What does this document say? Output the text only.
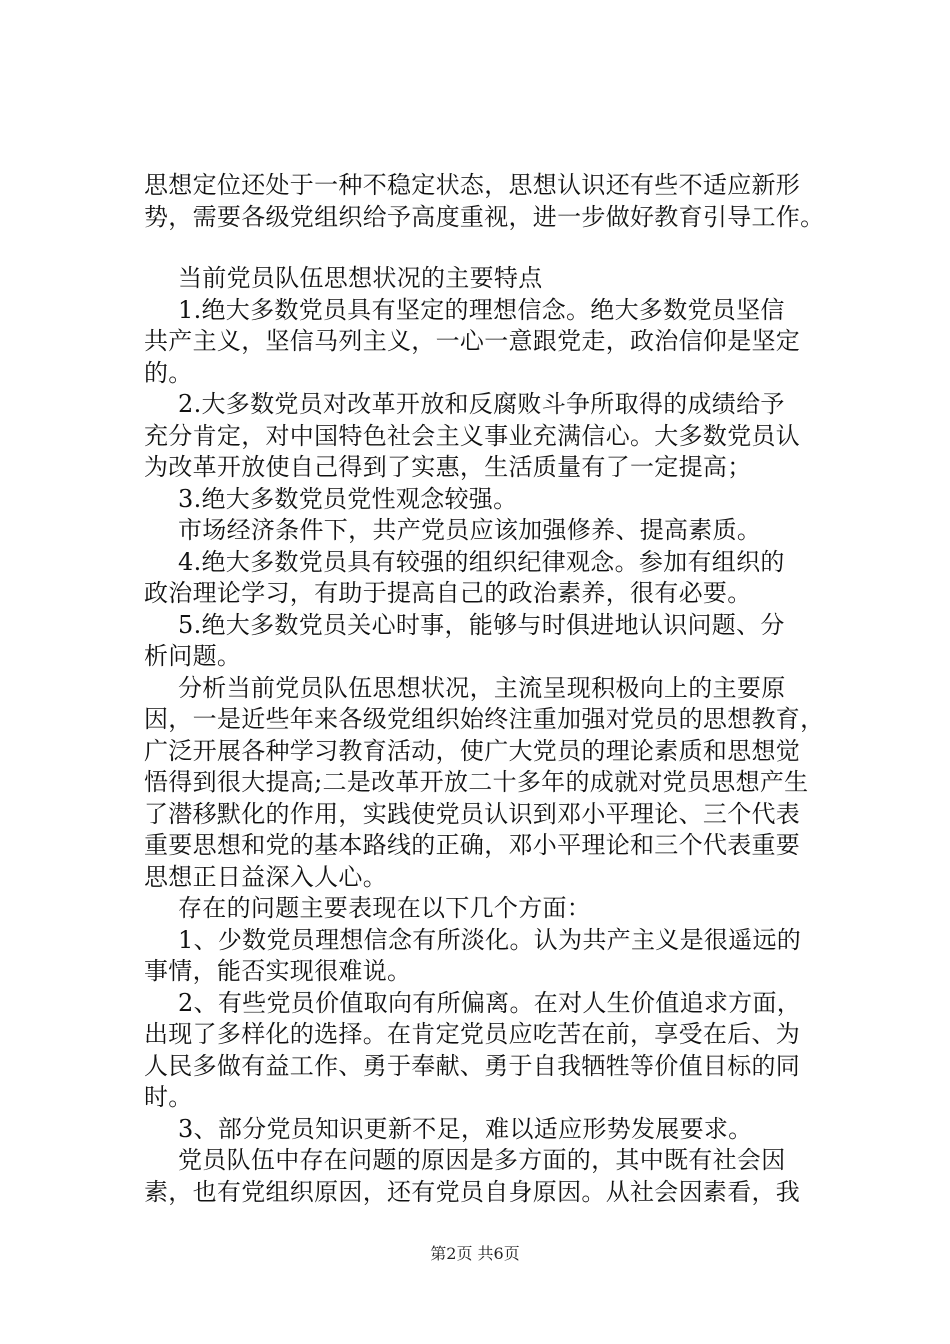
思想定位还处于一种不稳定状态，思想认识还有些不适应新形
势，需要各级党组织给予高度重视，进一步做好教育引导工作。
当前党员队伍思想状况的主要特点
1.绝大多数党员具有坚定的理想信念。绝大多数党员坚信
共产主义，坚信马列主义，一心一意跟党走，政治信仰是坚定
的。
2.大多数党员对改革开放和反腐败斗争所取得的成绩给予
充分肯定，对中国特色社会主义事业充满信心。大多数党员认
为改革开放使自己得到了实惠，生活质量有了一定提高；
3.绝大多数党员党性观念较强。
市场经济条件下，共产党员应该加强修养、提高素质。
4.绝大多数党员具有较强的组织纪律观念。参加有组织的
政治理论学习，有助于提高自己的政治素养，很有必要。
5.绝大多数党员关心时事，能够与时俱进地认识问题、分
析问题。
分析当前党员队伍思想状况，主流呈现积极向上的主要原
因，一是近些年来各级党组织始终注重加强对党员的思想教育，
广泛开展各种学习教育活动，使广大党员的理论素质和思想觉
悟得到很大提高;二是改革开放二十多年的成就对党员思想产生
了潜移默化的作用，实践使党员认识到邓小平理论、三个代表
重要思想和党的基本路线的正确，邓小平理论和三个代表重要
思想正日益深入人心。
存在的问题主要表现在以下几个方面：
1、少数党员理想信念有所淡化。认为共产主义是很遥远的
事情，能否实现很难说。
2、有些党员价值取向有所偏离。在对人生价值追求方面，
出现了多样化的选择。在肯定党员应吃苦在前，享受在后、为
人民多做有益工作、勇于奉献、勇于自我牺牲等价值目标的同
时。
3、部分党员知识更新不足，难以适应形势发展要求。
党员队伍中存在问题的原因是多方面的，其中既有社会因
素，也有党组织原因，还有党员自身原因。从社会因素看，我
第2页 共6页
